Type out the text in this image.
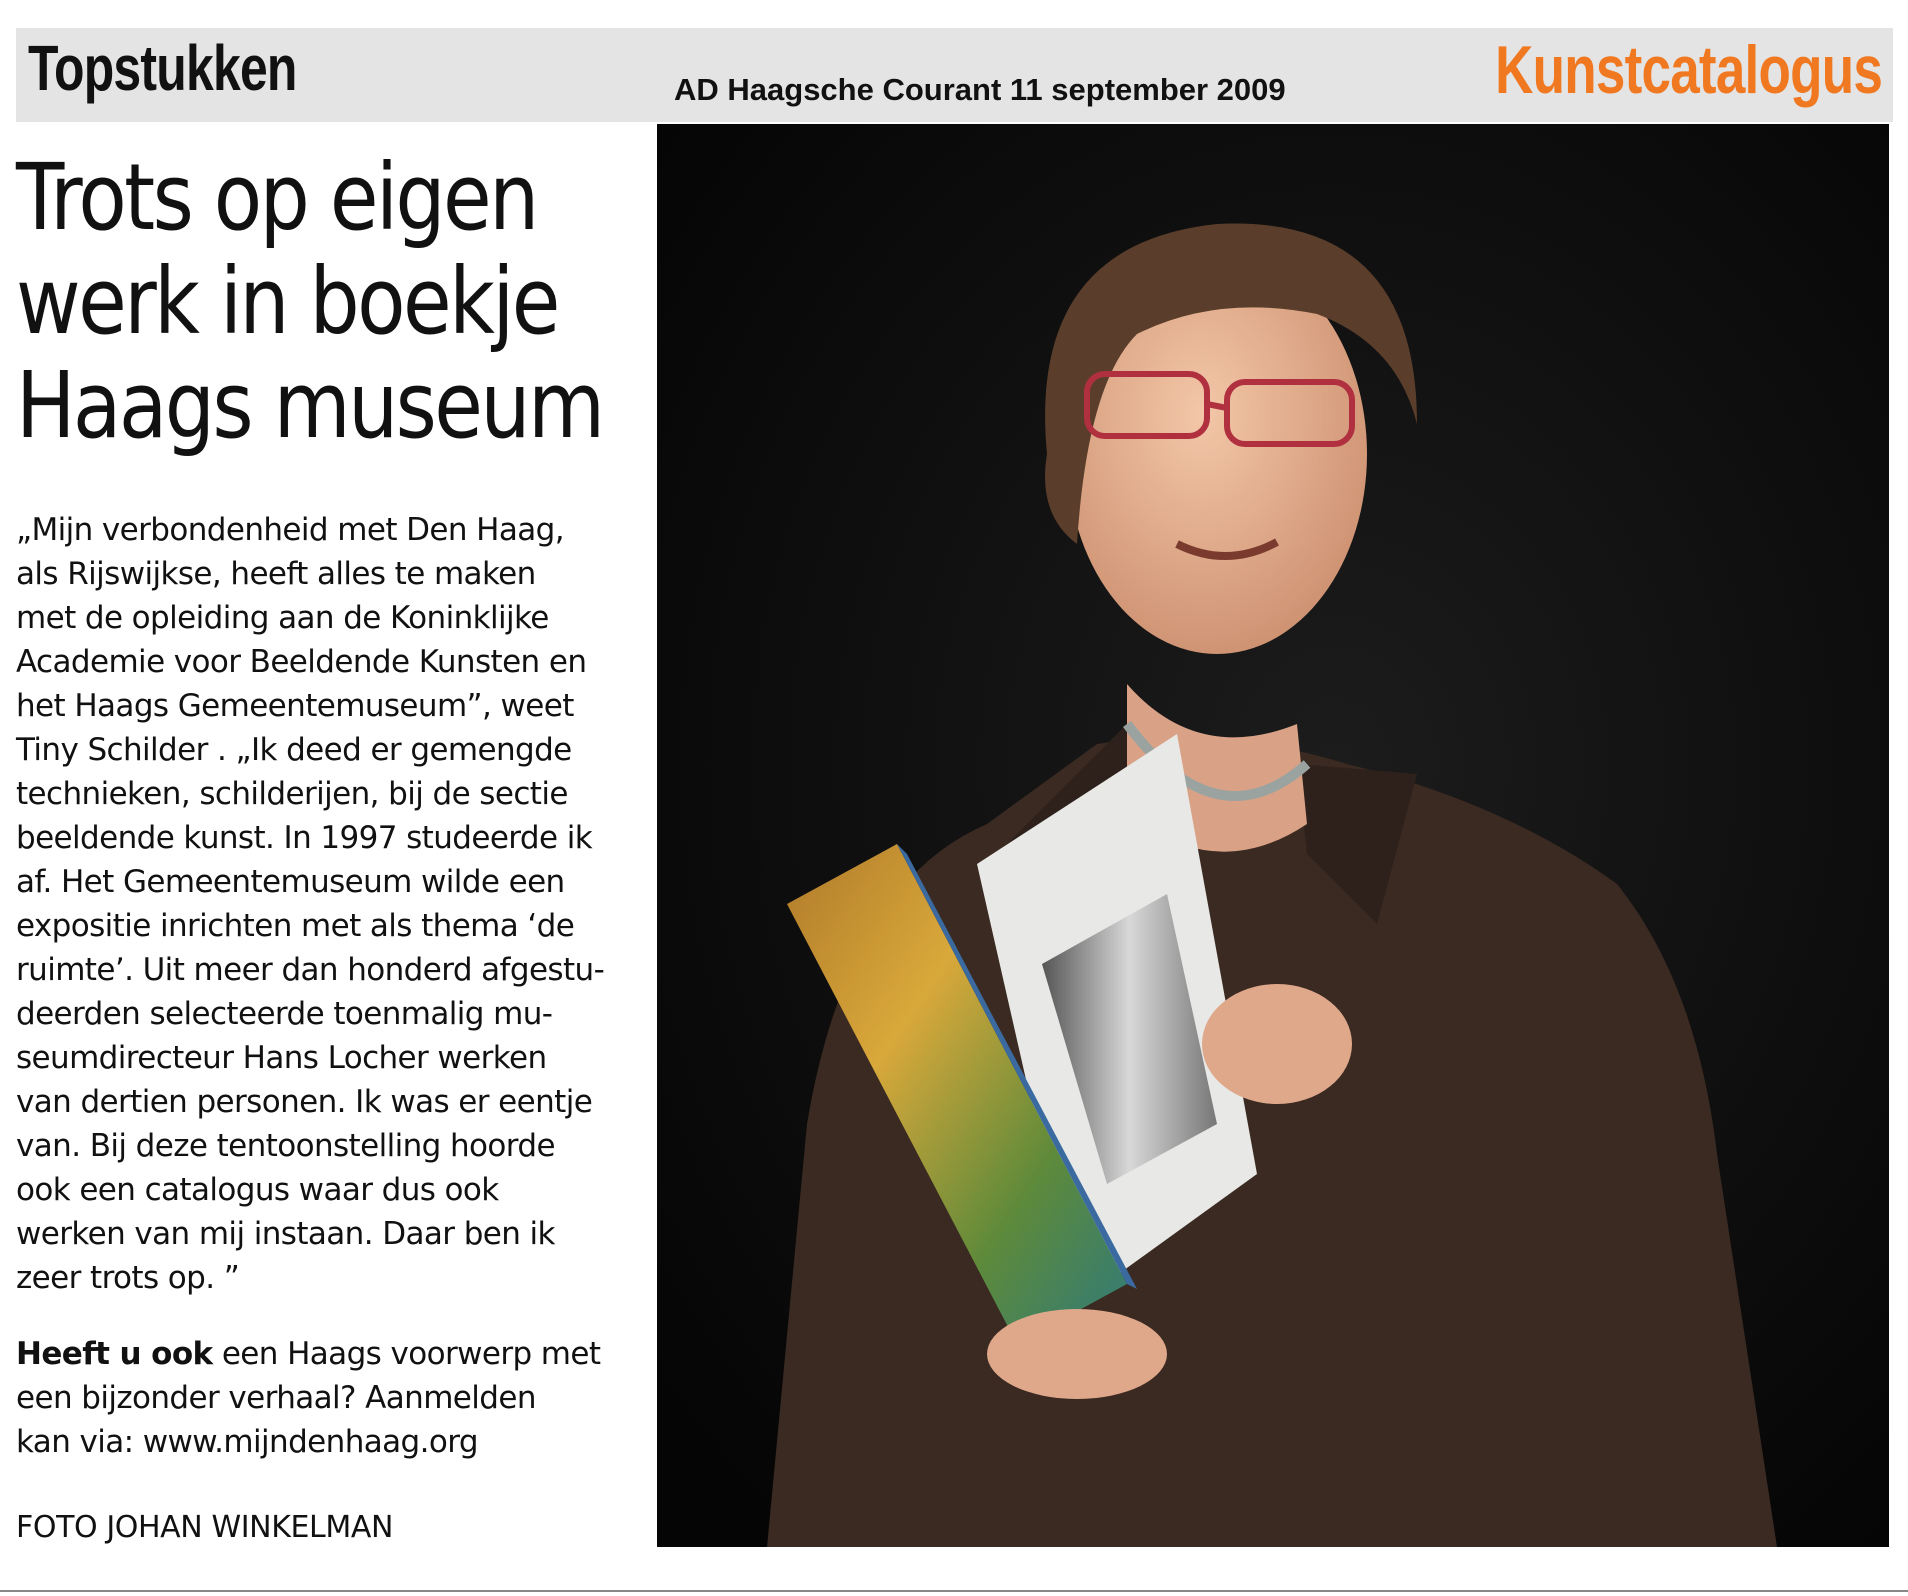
Topstukken	AD Haagsche Courant 11 september 2009	Kunstcatalogus
Trots op eigen
werk in boekje
Haags museum
„Mijn verbondenheid met Den Haag,
als Rijswijkse, heeft alles te maken
met de opleiding aan de Koninklijke
Academie voor Beeldende Kunsten en
het Haags Gemeentemuseum”, weet
Tiny Schilder . „Ik deed er gemengde
technieken, schilderijen, bij de sectie
beeldende kunst. In 1997 studeerde ik
af. Het Gemeentemuseum wilde een
expositie inrichten met als thema ‘de
ruimte’. Uit meer dan honderd afgestu-
deerden selecteerde toenmalig mu-
seumdirecteur Hans Locher werken
van dertien personen. Ik was er eentje
van. Bij deze tentoonstelling hoorde
ook een catalogus waar dus ook
werken van mij instaan. Daar ben ik
zeer trots op. ”
Heeft u ook een Haags voorwerp met
een bijzonder verhaal? Aanmelden
kan via: www.mijndenhaag.org
FOTO JOHAN WINKELMAN
